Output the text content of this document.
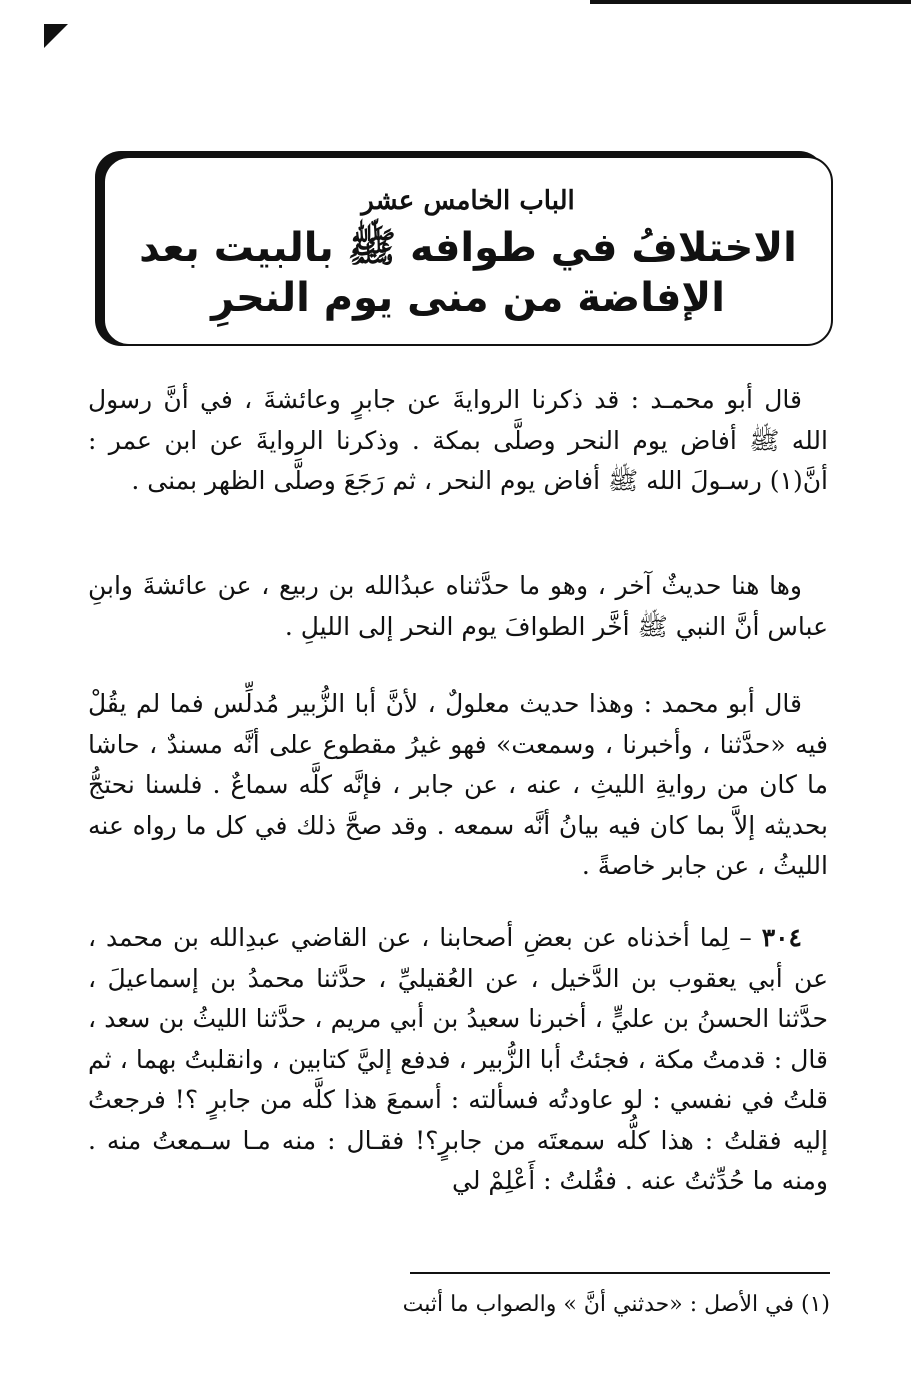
الباب الخامس عشر
الاختلافُ في طوافه ﷺ بالبيت بعد الإفاضة من منى يوم النحرِ

قال أبو محمـد : قد ذكرنا الروايةَ عن جابرٍ وعائشةَ ، في أنَّ رسول الله ﷺ أفاض يوم النحر وصلَّى بمكة . وذكرنا الروايةَ عن ابن عمر : أنَّ(١) رسـولَ الله ﷺ أفاض يوم النحر ، ثم رَجَعَ وصلَّى الظهر بمنى .

وها هنا حديثٌ آخر ، وهو ما حدَّثناه عبدُالله بن ربيع ، عن عائشةَ وابنِ عباس أنَّ النبي ﷺ أخَّر الطوافَ يوم النحر إلى الليلِ .

قال أبو محمد : وهذا حديث معلولٌ ، لأنَّ أبا الزُّبير مُدلِّس فما لم يقُلْ فيه «حدَّثنا ، وأخبرنا ، وسمعت» فهو غيرُ مقطوع على أنَّه مسندٌ ، حاشا ما كان من روايةِ الليثِ ، عنه ، عن جابر ، فإنَّه كلَّه سماعٌ . فلسنا نحتجُّ بحديثه إلاَّ بما كان فيه بيانُ أنَّه سمعه . وقد صحَّ ذلك في كل ما رواه عنه الليثُ ، عن جابر خاصةً .

٣٠٤ – لِما أخذناه عن بعضِ أصحابنا ، عن القاضي عبدِالله بن محمد ، عن أبي يعقوب بن الدَّخيل ، عن العُقيليِّ ، حدَّثنا محمدُ بن إسماعيلَ ، حدَّثنا الحسنُ بن عليٍّ ، أخبرنا سعيدُ بن أبي مريم ، حدَّثنا الليثُ بن سعد ، قال : قدمتُ مكة ، فجئتُ أبا الزُّبير ، فدفع إليَّ كتابين ، وانقلبتُ بهما ، ثم قلتُ في نفسي : لو عاودتُه فسألته : أسمعَ هذا كلَّه من جابرٍ ؟! فرجعتُ إليه فقلتُ : هذا كلُّه سمعتَه من جابرٍ؟! فقـال : منه مـا سـمعتُ منه . ومنه ما حُدِّثتُ عنه . فقُلتُ : أَعْلِمْ لي

(١) في الأصل : «حدثني أنَّ » والصواب ما أثبت
